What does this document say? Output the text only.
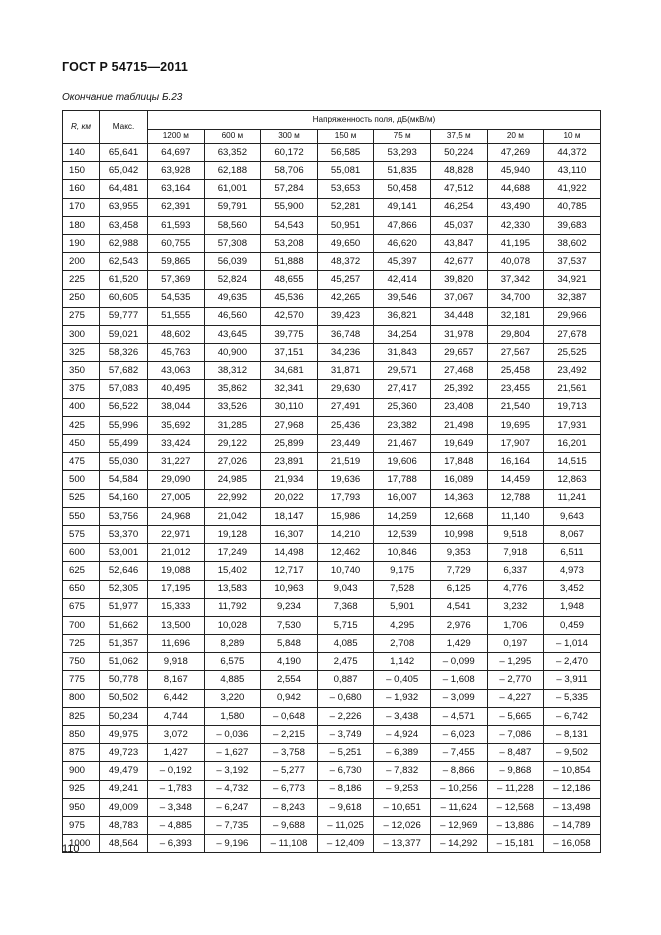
ГОСТ Р 54715—2011
Окончание таблицы Б.23
R, км	Макс.	Напряженность поля, дБ(мкВ/м)							
		1200 м	600 м	300 м	150 м	75 м	37,5 м	20 м	10 м
140	65,641	64,697	63,352	60,172	56,585	53,293	50,224	47,269	44,372
150	65,042	63,928	62,188	58,706	55,081	51,835	48,828	45,940	43,110
160	64,481	63,164	61,001	57,284	53,653	50,458	47,512	44,688	41,922
170	63,955	62,391	59,791	55,900	52,281	49,141	46,254	43,490	40,785
180	63,458	61,593	58,560	54,543	50,951	47,866	45,037	42,330	39,683
190	62,988	60,755	57,308	53,208	49,650	46,620	43,847	41,195	38,602
200	62,543	59,865	56,039	51,888	48,372	45,397	42,677	40,078	37,537
225	61,520	57,369	52,824	48,655	45,257	42,414	39,820	37,342	34,921
250	60,605	54,535	49,635	45,536	42,265	39,546	37,067	34,700	32,387
275	59,777	51,555	46,560	42,570	39,423	36,821	34,448	32,181	29,966
300	59,021	48,602	43,645	39,775	36,748	34,254	31,978	29,804	27,678
325	58,326	45,763	40,900	37,151	34,236	31,843	29,657	27,567	25,525
350	57,682	43,063	38,312	34,681	31,871	29,571	27,468	25,458	23,492
375	57,083	40,495	35,862	32,341	29,630	27,417	25,392	23,455	21,561
400	56,522	38,044	33,526	30,110	27,491	25,360	23,408	21,540	19,713
425	55,996	35,692	31,285	27,968	25,436	23,382	21,498	19,695	17,931
450	55,499	33,424	29,122	25,899	23,449	21,467	19,649	17,907	16,201
475	55,030	31,227	27,026	23,891	21,519	19,606	17,848	16,164	14,515
500	54,584	29,090	24,985	21,934	19,636	17,788	16,089	14,459	12,863
525	54,160	27,005	22,992	20,022	17,793	16,007	14,363	12,788	11,241
550	53,756	24,968	21,042	18,147	15,986	14,259	12,668	11,140	9,643
575	53,370	22,971	19,128	16,307	14,210	12,539	10,998	9,518	8,067
600	53,001	21,012	17,249	14,498	12,462	10,846	9,353	7,918	6,511
625	52,646	19,088	15,402	12,717	10,740	9,175	7,729	6,337	4,973
650	52,305	17,195	13,583	10,963	9,043	7,528	6,125	4,776	3,452
675	51,977	15,333	11,792	9,234	7,368	5,901	4,541	3,232	1,948
700	51,662	13,500	10,028	7,530	5,715	4,295	2,976	1,706	0,459
725	51,357	11,696	8,289	5,848	4,085	2,708	1,429	0,197	– 1,014
750	51,062	9,918	6,575	4,190	2,475	1,142	– 0,099	– 1,295	– 2,470
775	50,778	8,167	4,885	2,554	0,887	– 0,405	– 1,608	– 2,770	– 3,911
800	50,502	6,442	3,220	0,942	– 0,680	– 1,932	– 3,099	– 4,227	– 5,335
825	50,234	4,744	1,580	– 0,648	– 2,226	– 3,438	– 4,571	– 5,665	– 6,742
850	49,975	3,072	– 0,036	– 2,215	– 3,749	– 4,924	– 6,023	– 7,086	– 8,131
875	49,723	1,427	– 1,627	– 3,758	– 5,251	– 6,389	– 7,455	– 8,487	– 9,502
900	49,479	– 0,192	– 3,192	– 5,277	– 6,730	– 7,832	– 8,866	– 9,868	– 10,854
925	49,241	– 1,783	– 4,732	– 6,773	– 8,186	– 9,253	– 10,256	– 11,228	– 12,186
950	49,009	– 3,348	– 6,247	– 8,243	– 9,618	– 10,651	– 11,624	– 12,568	– 13,498
975	48,783	– 4,885	– 7,735	– 9,688	– 11,025	– 12,026	– 12,969	– 13,886	– 14,789
1000	48,564	– 6,393	– 9,196	– 11,108	– 12,409	– 13,377	– 14,292	– 15,181	– 16,058
110
